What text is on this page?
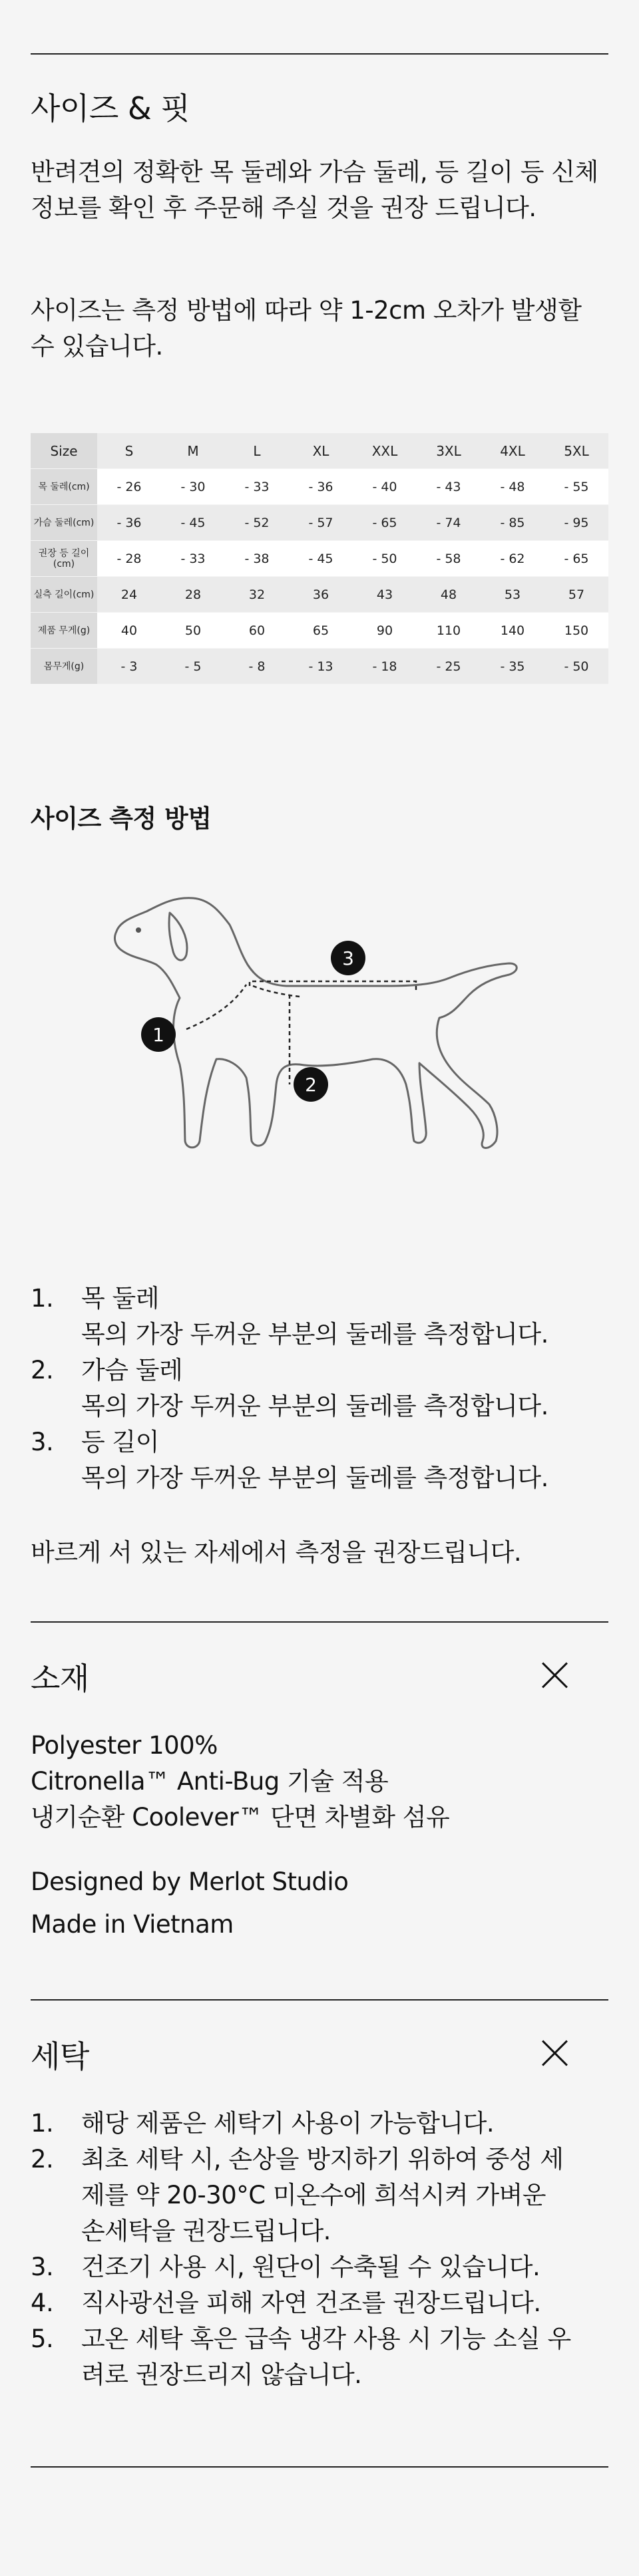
사이즈 & 핏

반려견의 정확한 목 둘레와 가슴 둘레, 등 길이 등 신체정보를 확인 후 주문해 주실 것을 권장 드립니다.

사이즈는 측정 방법에 따라 약 1-2cm 오차가 발생할 수 있습니다.

Size	S	M	L	XL	XXL	3XL	4XL	5XL
목 둘레(cm)	- 26	- 30	- 33	- 36	- 40	- 43	- 48	- 55
가슴 둘레(cm)	- 36	- 45	- 52	- 57	- 65	- 74	- 85	- 95
권장 등 길이 (cm)	- 28	- 33	- 38	- 45	- 50	- 58	- 62	- 65
실측 길이(cm)	24	28	32	36	43	48	53	57
제품 무게(g)	40	50	60	65	90	110	140	150
몸무게(g)	- 3	- 5	- 8	- 13	- 18	- 25	- 35	- 50
사이즈 측정 방법
1
2
3
1. 목 둘레
목의 가장 두꺼운 부분의 둘레를 측정합니다.
2. 가슴 둘레
목의 가장 두꺼운 부분의 둘레를 측정합니다.
3. 등 길이
목의 가장 두꺼운 부분의 둘레를 측정합니다.

바르게 서 있는 자세에서 측정을 권장드립니다.

소재
Polyester 100%
Citronella™ Anti-Bug 기술 적용
냉기순환 Coolever™ 단면 차별화 섬유
Designed by Merlot Studio
Made in Vietnam
세탁
1. 해당 제품은 세탁기 사용이 가능합니다.
2. 최초 세탁 시, 손상을 방지하기 위하여 중성 세제를 약 20-30°C 미온수에 희석시켜 가벼운 손세탁을 권장드립니다.
3. 건조기 사용 시, 원단이 수축될 수 있습니다.
4. 직사광선을 피해 자연 건조를 권장드립니다.
5. 고온 세탁 혹은 급속 냉각 사용 시 기능 소실 우려로 권장드리지 않습니다.
